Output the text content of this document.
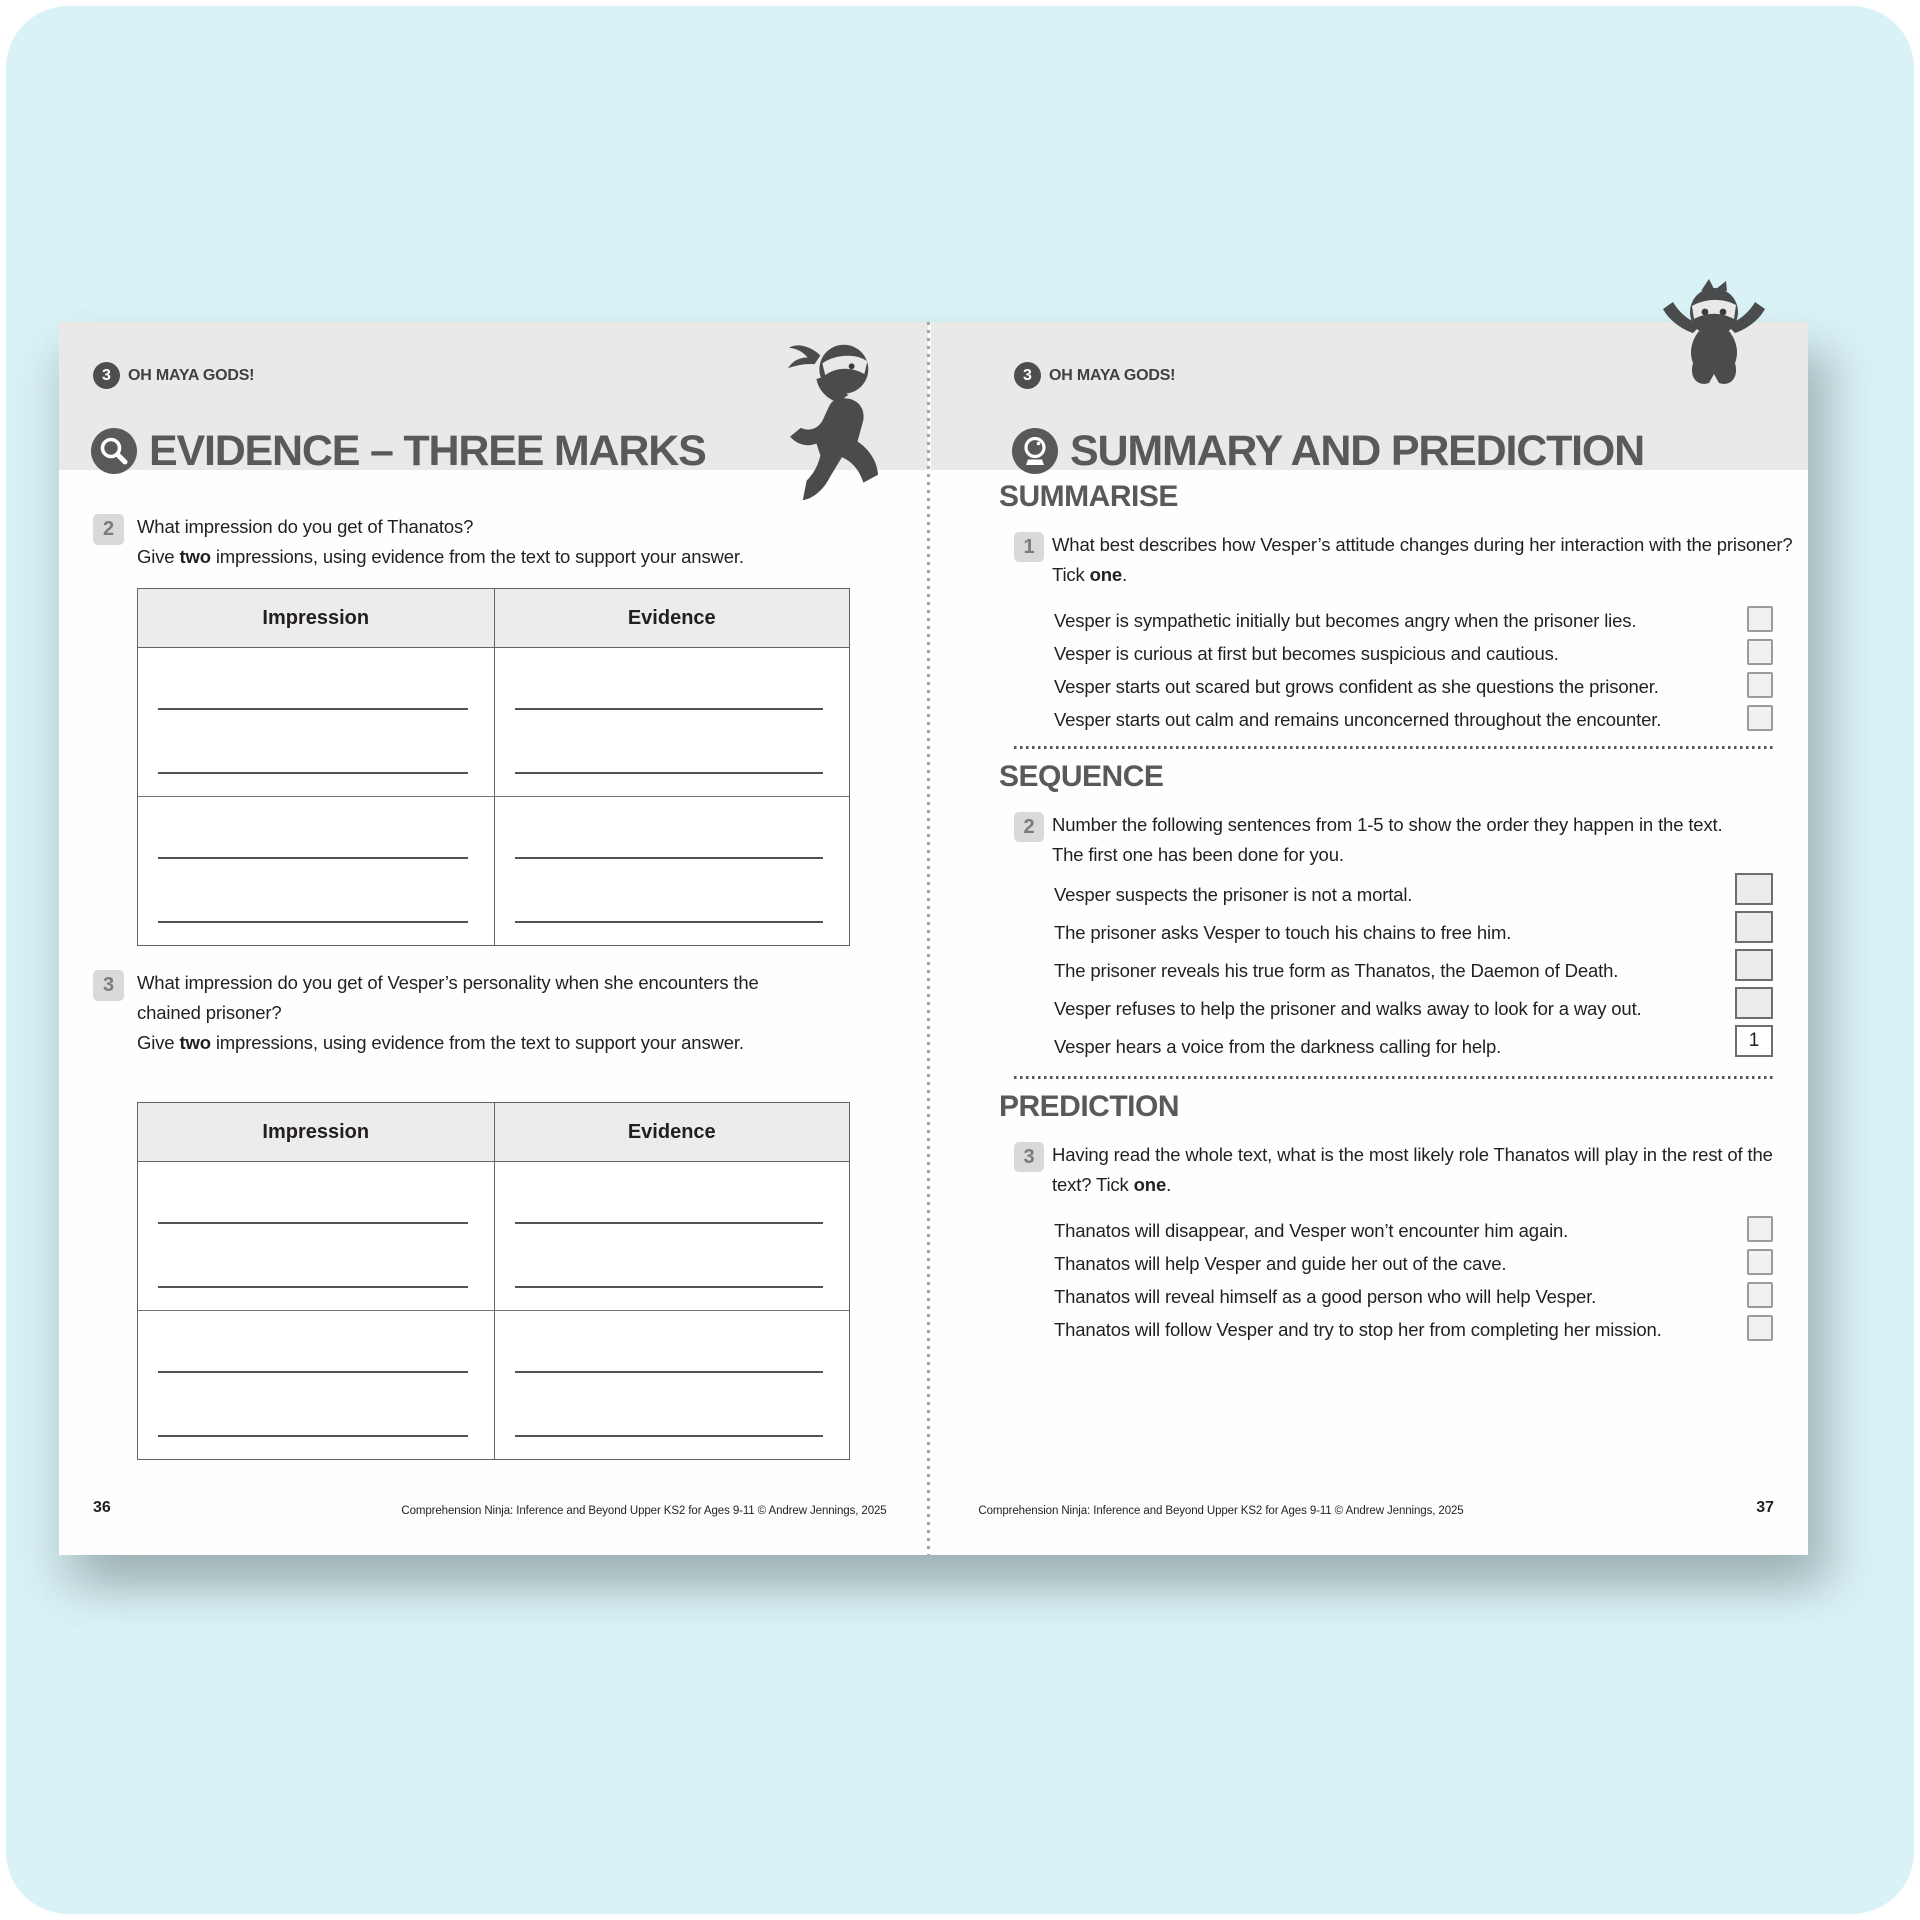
3	OH MAYA GODS!
EVIDENCE – THREE MARKS
2	What impression do you get of Thanatos?
Give two impressions, using evidence from the text to support your answer.

Impression	Evidence
3	What impression do you get of Vesper’s personality when she encounters the chained prisoner?
Give two impressions, using evidence from the text to support your answer.

Impression	Evidence
36	Comprehension Ninja: Inference and Beyond Upper KS2 for Ages 9-11 © Andrew Jennings, 2025
3	OH MAYA GODS!
SUMMARY AND PREDICTION
SUMMARISE
1 What best describes how Vesper’s attitude changes during her interaction with the prisoner? Tick one.

Vesper is sympathetic initially but becomes angry when the prisoner lies.

Vesper is curious at first but becomes suspicious and cautious.

Vesper starts out scared but grows confident as she questions the prisoner.

Vesper starts out calm and remains unconcerned throughout the encounter.

SEQUENCE
2 Number the following sentences from 1-5 to show the order they happen in the text. The first one has been done for you.

Vesper suspects the prisoner is not a mortal.

The prisoner asks Vesper to touch his chains to free him.

The prisoner reveals his true form as Thanatos, the Daemon of Death.

Vesper refuses to help the prisoner and walks away to look for a way out.

Vesper hears a voice from the darkness calling for help.	1
PREDICTION
3 Having read the whole text, what is the most likely role Thanatos will play in the rest of the text? Tick one.

Thanatos will disappear, and Vesper won’t encounter him again.

Thanatos will help Vesper and guide her out of the cave.

Thanatos will reveal himself as a good person who will help Vesper.

Thanatos will follow Vesper and try to stop her from completing her mission.

Comprehension Ninja: Inference and Beyond Upper KS2 for Ages 9-11 © Andrew Jennings, 2025	37
